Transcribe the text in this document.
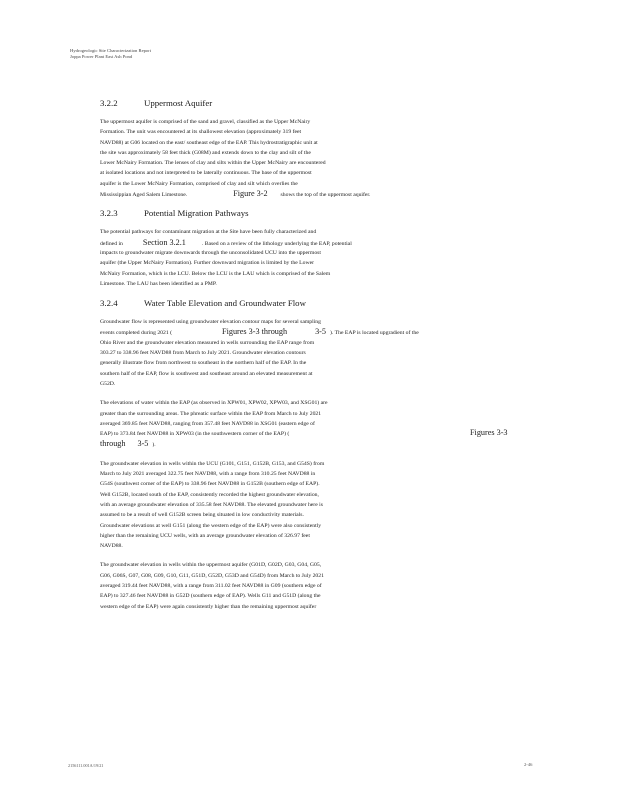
Hydrogeologic Site Characterization Report
Joppa Power Plant East Ash Pond
3.2.2	Uppermost Aquifer
The uppermost aquifer is comprised of the sand and gravel, classified as the Upper McNairy
Formation. The unit was encountered at its shallowest elevation (approximately 319 feet
NAVD88) at G06 located on the east/ southeast edge of the EAP. This hydrostratigraphic unit at
the site was approximately 58 feet thick (G08M) and extends down to the clay and silt of the
Lower McNairy Formation. The lenses of clay and silts within the Upper McNairy are encountered
at isolated locations and not interpreted to be laterally continuous. The base of the uppermost
aquifer is the Lower McNairy Formation, comprised of clay and silt which overlies the
Mississippian Aged Salem Limestone.	Figure 3-2 shows the top of the uppermost aquifer.
3.2.3	Potential Migration Pathways
The potential pathways for contaminant migration at the Site have been fully characterized and
defined in Section 3.2.1	. Based on a review of the lithology underlying the EAP, potential
impacts to groundwater migrate downwards through the unconsolidated UCU into the uppermost
aquifer (the Upper McNairy Formation). Further downward migration is limited by the Lower
McNairy Formation, which is the LCU. Below the LCU is the LAU which is comprised of the Salem
Limestone. The LAU has been identified as a PMP.
3.2.4	Water Table Elevation and Groundwater Flow
Groundwater flow is represented using groundwater elevation contour maps for several sampling
events completed during 2021 (	Figures 3-3 through	3-5 ). The EAP is located upgradient of the
Ohio River and the groundwater elevation measured in wells surrounding the EAP range from
303.27 to 338.96 feet NAVD88 from March to July 2021. Groundwater elevation contours
generally illustrate flow from northwest to southeast in the northern half of the EAP. In the
southern half of the EAP, flow is southwest and southeast around an elevated measurement at
G52D.
The elevations of water within the EAP (as observed in XPW01, XPW02, XPW03, and XSG01) are
greater than the surrounding areas. The phreatic surface within the EAP from March to July 2021
averaged 369.85 feet NAVD88, ranging from 357.48 feet NAVD88 in XSG01 (eastern edge of
EAP) to 373.84 feet NAVD88 in XPW03 (in the southwestern corner of the EAP) (	Figures 3-3
through 3-5 ).
The groundwater elevation in wells within the UCU (G101, G151, G152B, G153, and G54S) from
March to July 2021 averaged 322.75 feet NAVD88, with a range from 310.25 feet NAVD88 in
G54S (southwest corner of the EAP) to 338.96 feet NAVD88 in G152B (southern edge of EAP).
Well G152B, located south of the EAP, consistently recorded the highest groundwater elevation,
with an average groundwater elevation of 335.58 feet NAVD88. The elevated groundwater here is
assumed to be a result of well G152B screen being situated in low conductivity materials.
Groundwater elevations at well G151 (along the western edge of the EAP) were also consistently
higher than the remaining UCU wells, with an average groundwater elevation of 326.97 feet
NAVD88.
The groundwater elevation in wells within the uppermost aquifer (G01D, G02D, G03, G04, G05,
G06, G06S, G07, G08, G09, G10, G11, G51D, G52D, G53D and G54D) from March to July 2021
averaged 319.44 feet NAVD88, with a range from 311.02 feet NAVD88 in G09 (southern edge of
EAP) to 327.46 feet NAVD88 in G52D (southern edge of EAP). Wells G11 and G51D (along the
western edge of the EAP) were again consistently higher than the remaining uppermost aquifer
2156111.001A/19/21	2-46
